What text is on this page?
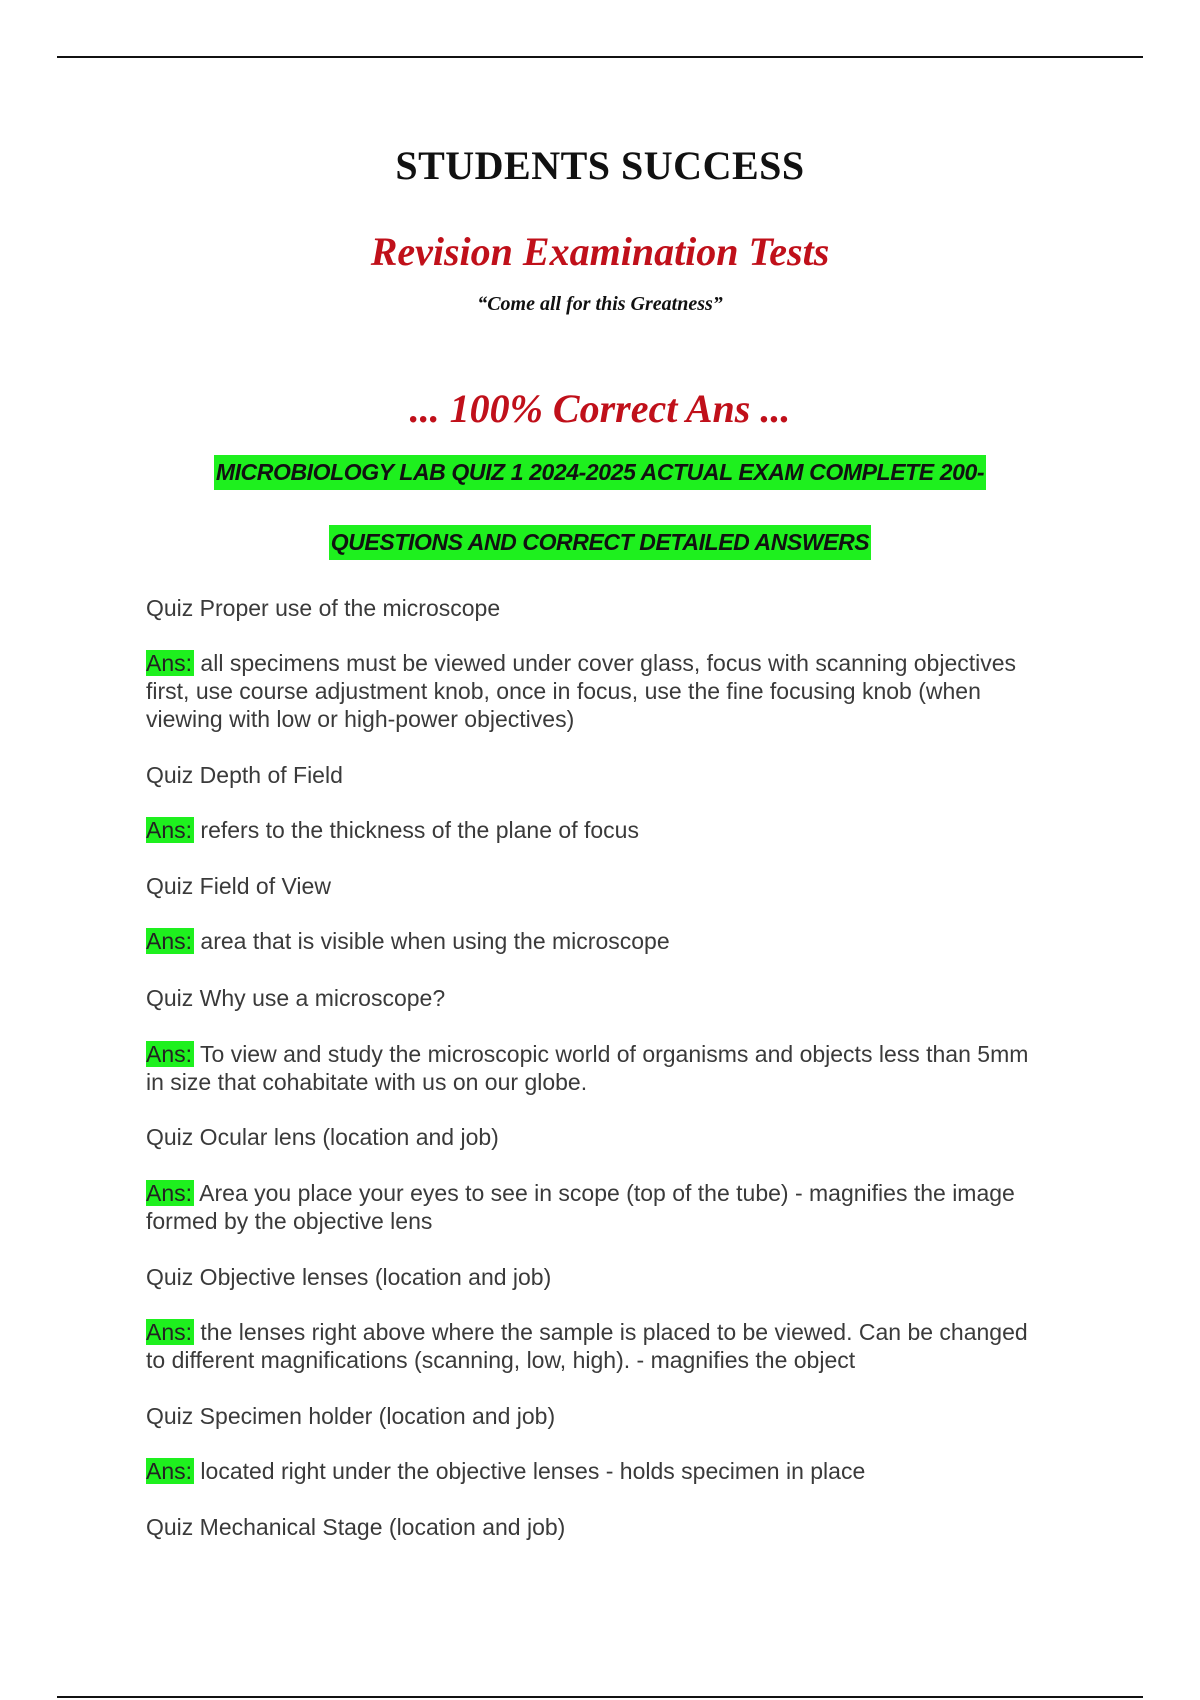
STUDENTS SUCCESS
Revision Examination Tests
“Come all for this Greatness”
... 100% Correct Ans ...
MICROBIOLOGY LAB QUIZ 1 2024-2025 ACTUAL EXAM COMPLETE 200-
QUESTIONS AND CORRECT DETAILED ANSWERS
Quiz Proper use of the microscope
Ans: all specimens must be viewed under cover glass, focus with scanning objectives first, use course adjustment knob, once in focus, use the fine focusing knob (when viewing with low or high-power objectives)
Quiz Depth of Field
Ans: refers to the thickness of the plane of focus
Quiz Field of View
Ans: area that is visible when using the microscope
Quiz Why use a microscope?
Ans: To view and study the microscopic world of organisms and objects less than 5mm in size that cohabitate with us on our globe.
Quiz Ocular lens (location and job)
Ans: Area you place your eyes to see in scope (top of the tube) - magnifies the image formed by the objective lens
Quiz Objective lenses (location and job)
Ans: the lenses right above where the sample is placed to be viewed. Can be changed to different magnifications (scanning, low, high). - magnifies the object
Quiz Specimen holder (location and job)
Ans: located right under the objective lenses - holds specimen in place
Quiz Mechanical Stage (location and job)
